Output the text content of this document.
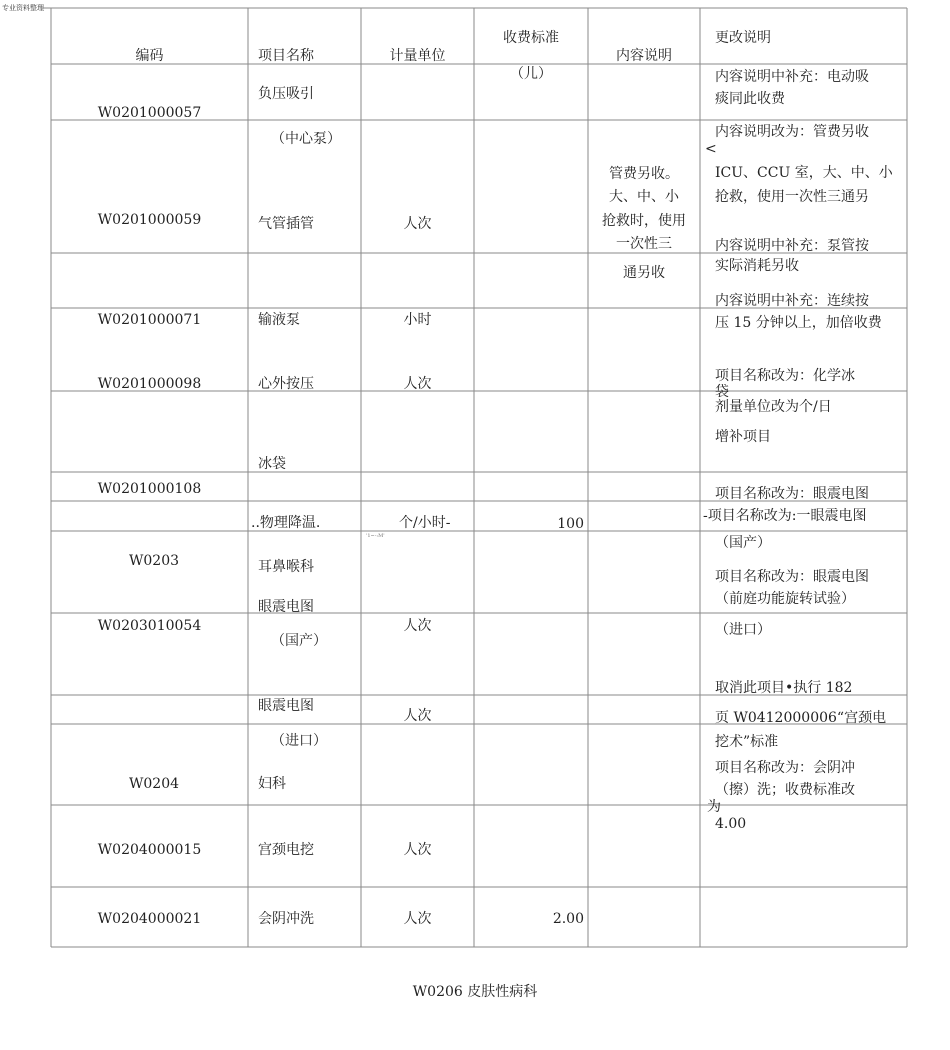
专业资料整理
编码	项目名称	计量单位
收费标准
（儿）
内容说明
更改说明
W0201000057
W0201000059
W0201000071
W0201000098
W0201000108
W0203
W0203010054
W0204
W0204000015
W0204000021
负压吸引
（中心泵）
气管插管
输液泵
心外按压
冰袋
..物理降温.
耳鼻喉科
眼震电图
（国产）
眼震电图
（进口）
妇科
宫颈电挖
会阴冲洗
人次
小时
人次
个/小时-
'1~-:M'
人次
人次
人次
人次
100
2.00
管费另收。
大、中、小
抢救时，使用
一次性三
通另收
内容说明中补充：电动吸
痰同此收费
内容说明改为：管费另收
<
ICU、CCU 室，大、中、小
抢救，使用一次性三通另
内容说明中补充：泵管按
实际消耗另收
内容说明中补充：连续按
压 15 分钟以上，加倍收费
项目名称改为：化学冰
袋
剂量单位改为个/日
增补项目
项目名称改为：眼震电图
-项目名称改为:一眼震电图
（国产）
项目名称改为：眼震电图
（前庭功能旋转试验）
（进口）
取消此项目•执行 182
页 W0412000006“宫颈电
挖术”标准
项目名称改为：会阴冲
（擦）洗；收费标准改
为
4.00
W0206 皮肤性病科
